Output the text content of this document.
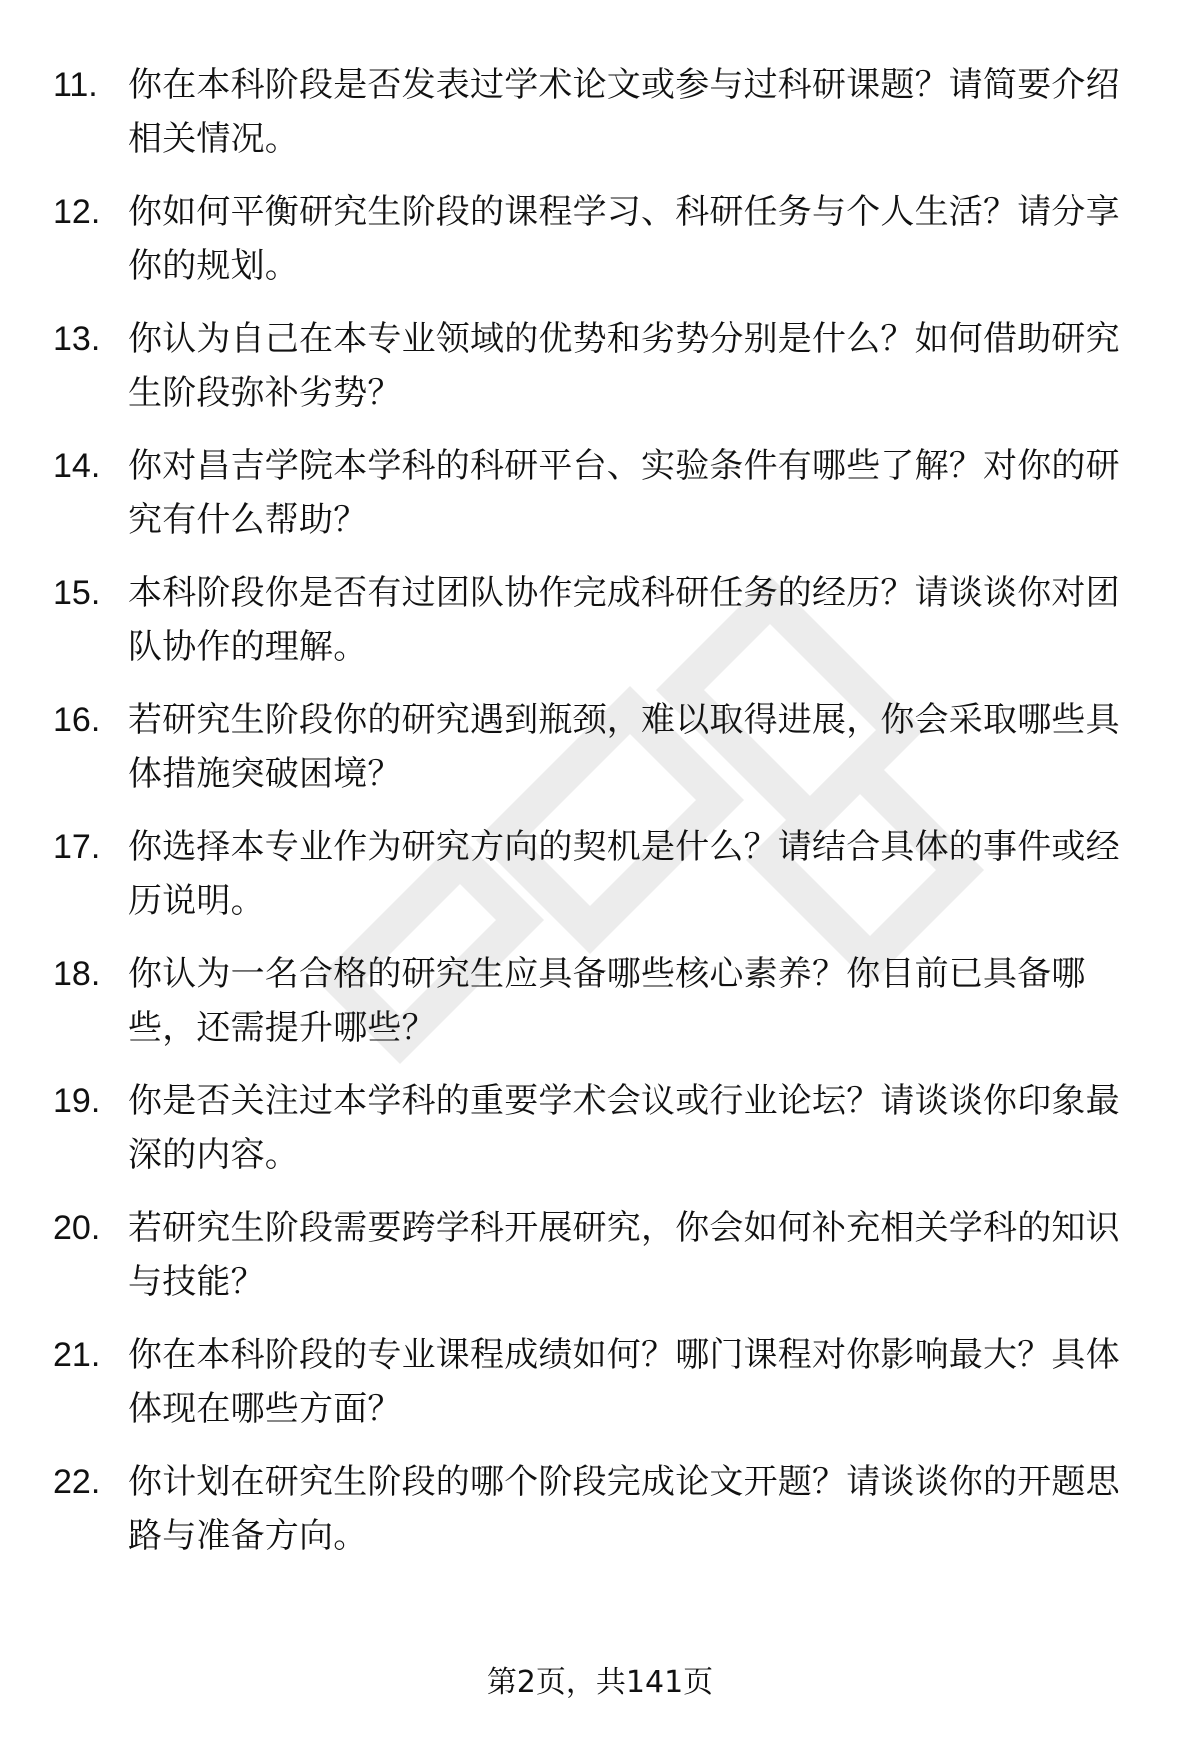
11. 你在本科阶段是否发表过学术论文或参与过科研课题？请简要介绍相关情况。
12. 你如何平衡研究生阶段的课程学习、科研任务与个人生活？请分享你的规划。
13. 你认为自己在本专业领域的优势和劣势分别是什么？如何借助研究生阶段弥补劣势？
14. 你对昌吉学院本学科的科研平台、实验条件有哪些了解？对你的研究有什么帮助？
15. 本科阶段你是否有过团队协作完成科研任务的经历？请谈谈你对团队协作的理解。
16. 若研究生阶段你的研究遇到瓶颈，难以取得进展，你会采取哪些具体措施突破困境？
17. 你选择本专业作为研究方向的契机是什么？请结合具体的事件或经历说明。
18. 你认为一名合格的研究生应具备哪些核心素养？你目前已具备哪些，还需提升哪些？
19. 你是否关注过本学科的重要学术会议或行业论坛？请谈谈你印象最深的内容。
20. 若研究生阶段需要跨学科开展研究，你会如何补充相关学科的知识与技能？
21. 你在本科阶段的专业课程成绩如何？哪门课程对你影响最大？具体体现在哪些方面？
22. 你计划在研究生阶段的哪个阶段完成论文开题？请谈谈你的开题思路与准备方向。
第2页，共141页
